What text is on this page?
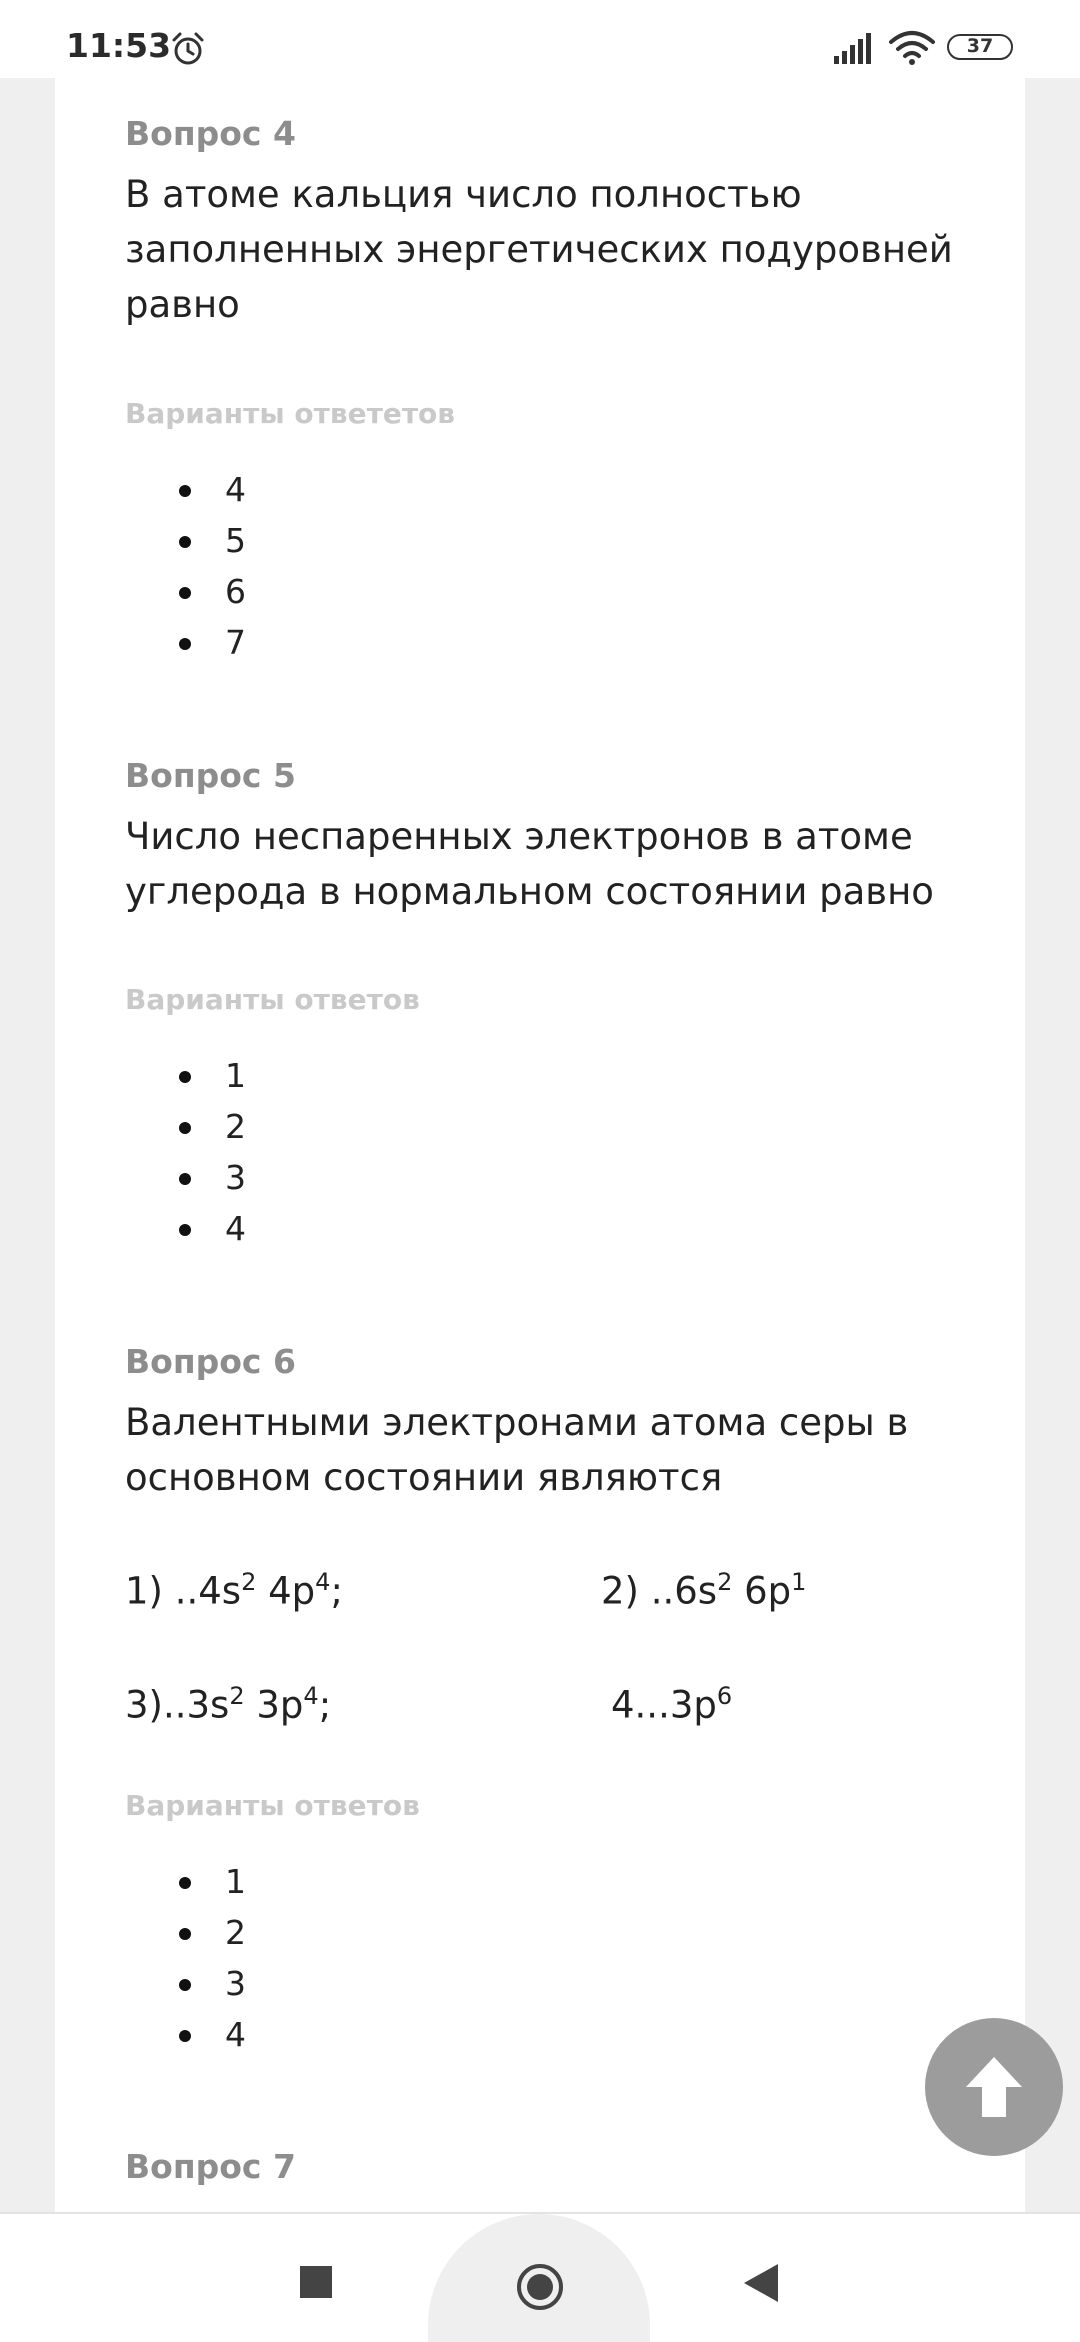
11:53	37
Вопрос 4
В атоме кальция число полностью заполненных энергетических подуровней равно
Варианты ответетов
4
5
6
7
Вопрос 5
Число неспаренных электронов в атоме углерода в нормальном состоянии равно
Варианты ответов
1
2
3
4
Вопрос 6
Валентными электронами атома серы в основном состоянии являются
1) $..4s^2$ $4p^4$;	2) $..6s^2$ $6p^1$
$3)..3s^2$ $3p^4$;	$4...3p^6$
Варианты ответов
1
2
3
4
Вопрос 7
